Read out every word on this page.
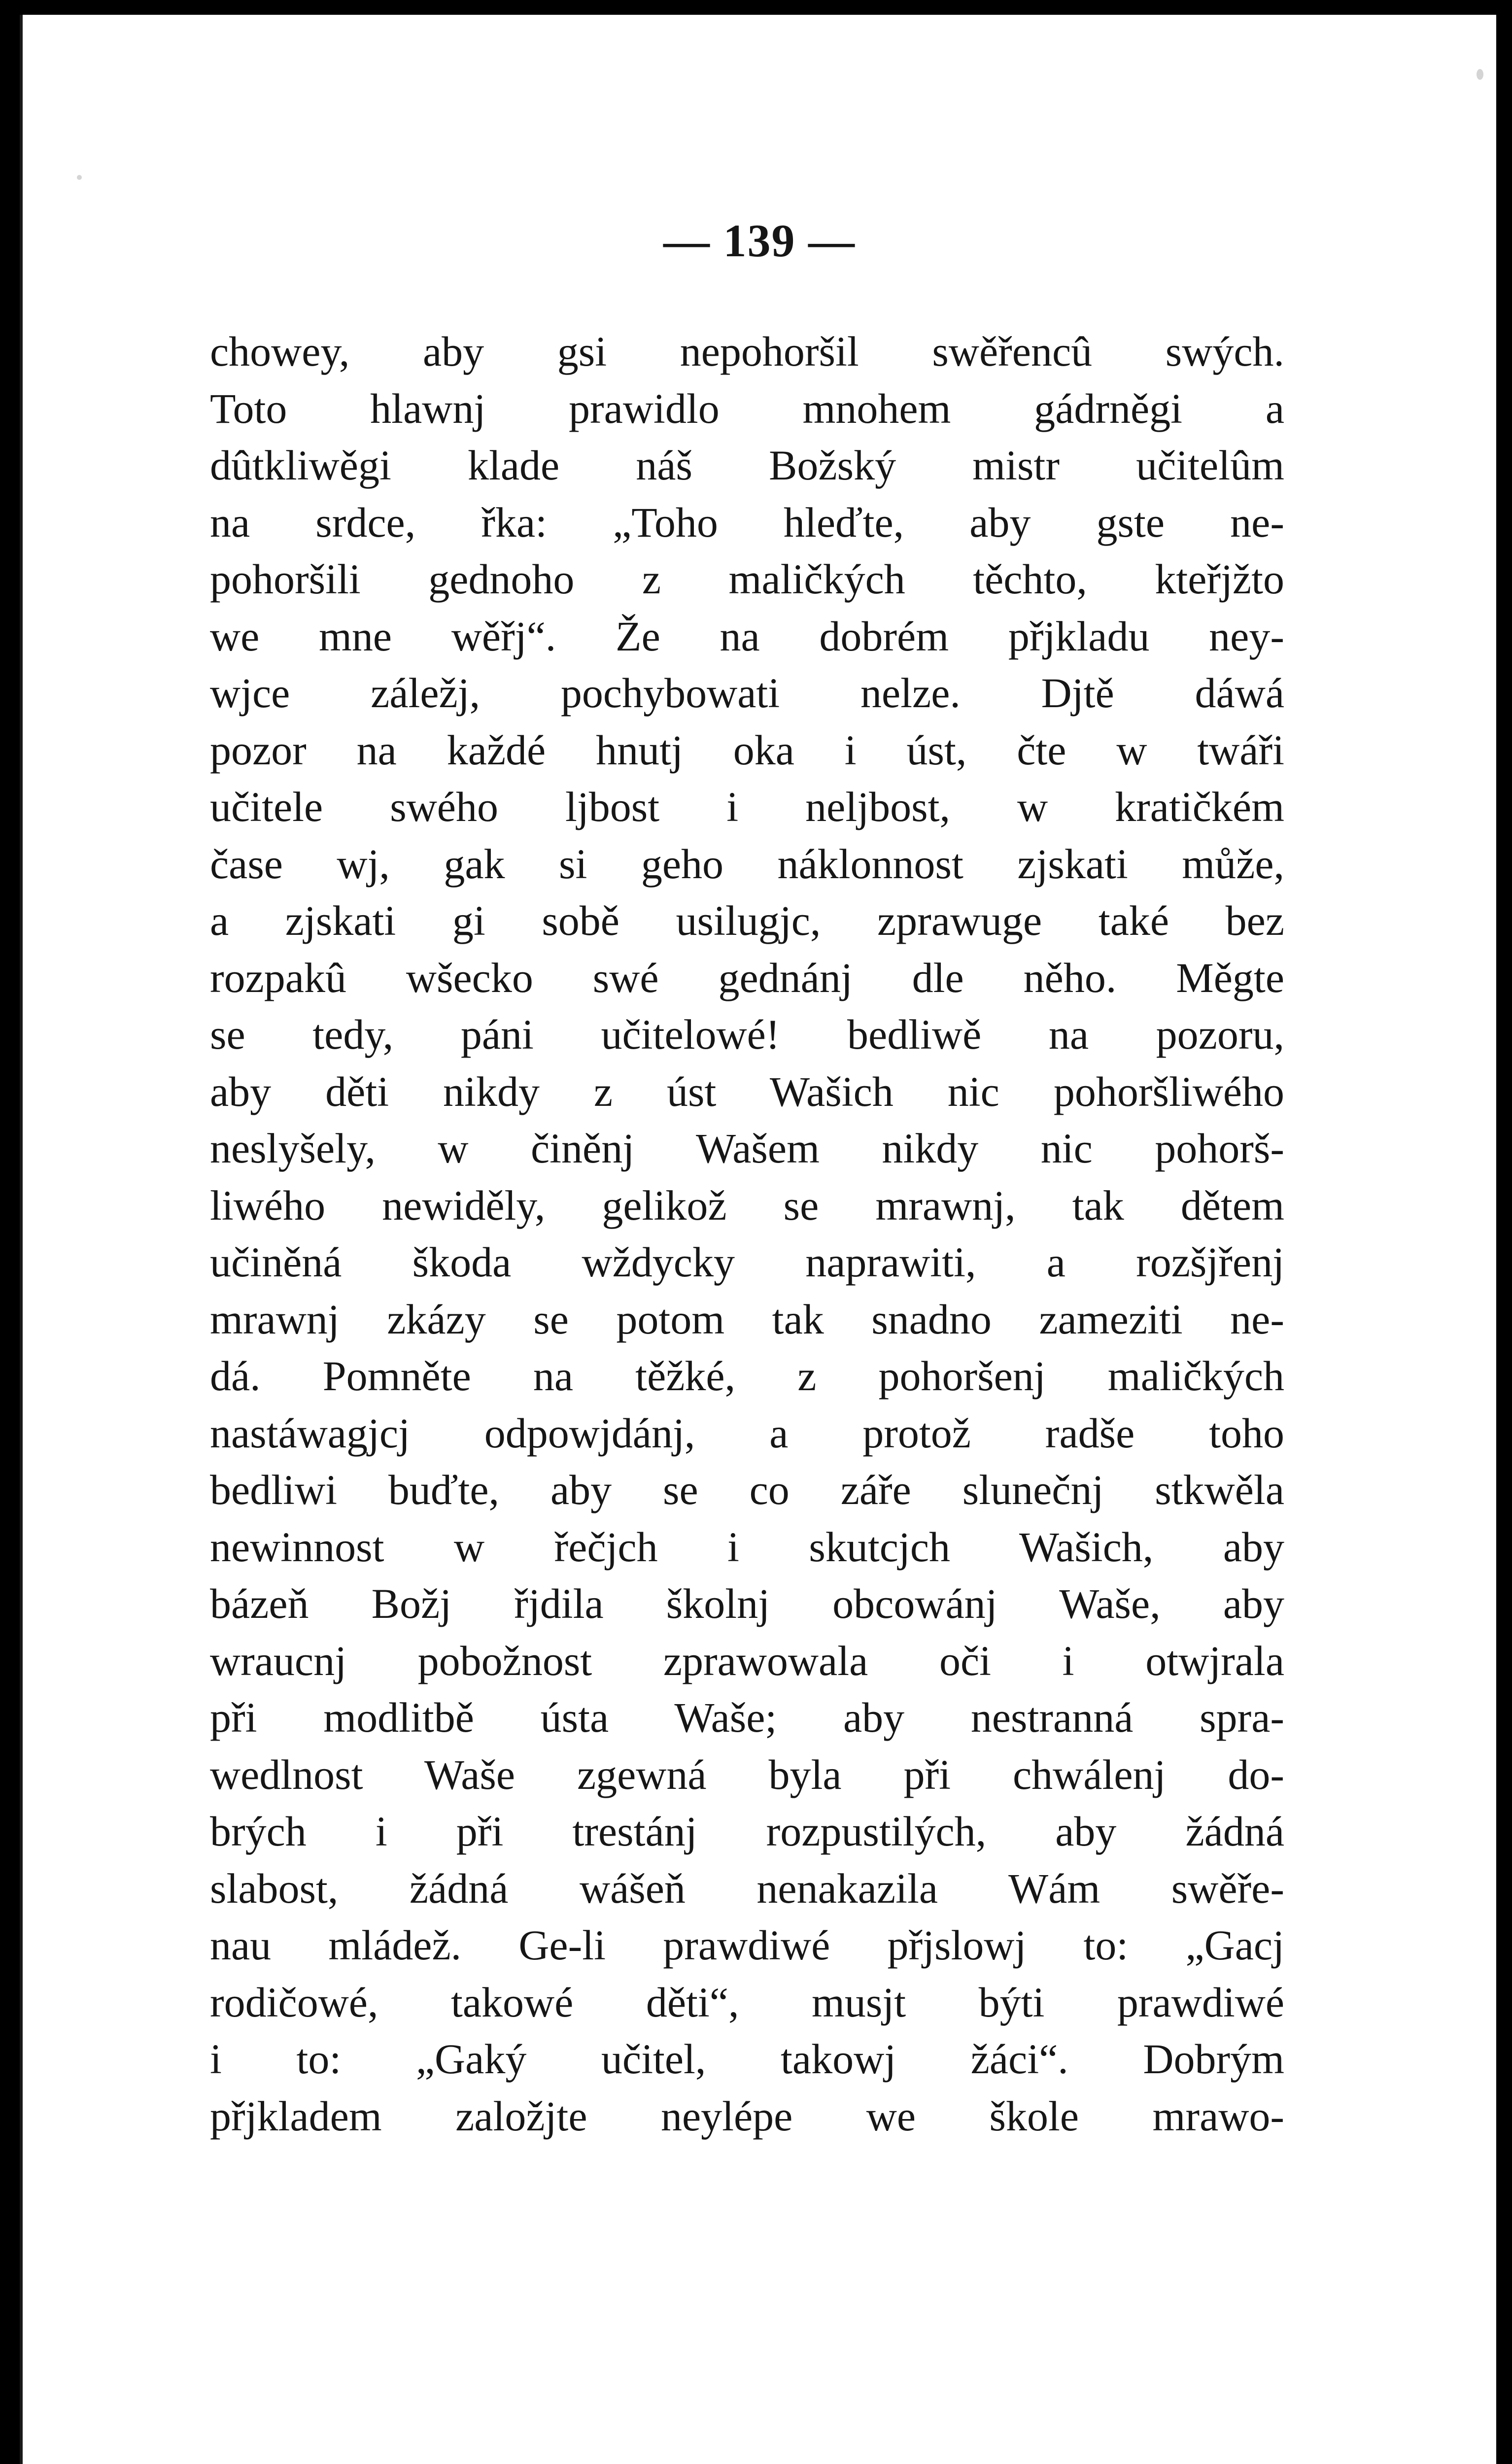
— 139 —
chowey, aby gsi nepohoršil swěřencû swých.
Toto hlawnj prawidlo mnohem gádrněgi a
dûtkliwěgi klade náš Božský mistr učitelûm
na srdce, řka: „Toho hleďte, aby gste ne-
pohoršili gednoho z maličkých těchto, kteřjžto
we mne wěřj“. Že na dobrém přjkladu ney-
wjce záležj, pochybowati nelze. Djtě dáwá
pozor na každé hnutj oka i úst, čte w twáři
učitele swého ljbost i neljbost, w kratičkém
čase wj, gak si geho náklonnost zjskati může,
a zjskati gi sobě usilugjc, zprawuge také bez
rozpakû wšecko swé gednánj dle něho. Měgte
se tedy, páni učitelowé! bedliwě na pozoru,
aby děti nikdy z úst Wašich nic pohoršliwého
neslyšely, w činěnj Wašem nikdy nic pohorš-
liwého newiděly, gelikož se mrawnj, tak dětem
učiněná škoda wždycky naprawiti, a rozšjřenj
mrawnj zkázy se potom tak snadno zameziti ne-
dá. Pomněte na těžké, z pohoršenj maličkých
nastáwagjcj odpowjdánj, a protož radše toho
bedliwi buďte, aby se co záře slunečnj stkwěla
newinnost w řečjch i skutcjch Wašich, aby
bázeň Božj řjdila školnj obcowánj Waše, aby
wraucnj pobožnost zprawowala oči i otwjrala
při modlitbě ústa Waše; aby nestranná spra-
wedlnost Waše zgewná byla při chwálenj do-
brých i při trestánj rozpustilých, aby žádná
slabost, žádná wášeň nenakazila Wám swěře-
nau mládež. Ge-li prawdiwé přjslowj to: „Gacj
rodičowé, takowé děti“, musjt býti prawdiwé
i to: „Gaký učitel, takowj žáci“. Dobrým
přjkladem založjte neylépe we škole mrawo-
